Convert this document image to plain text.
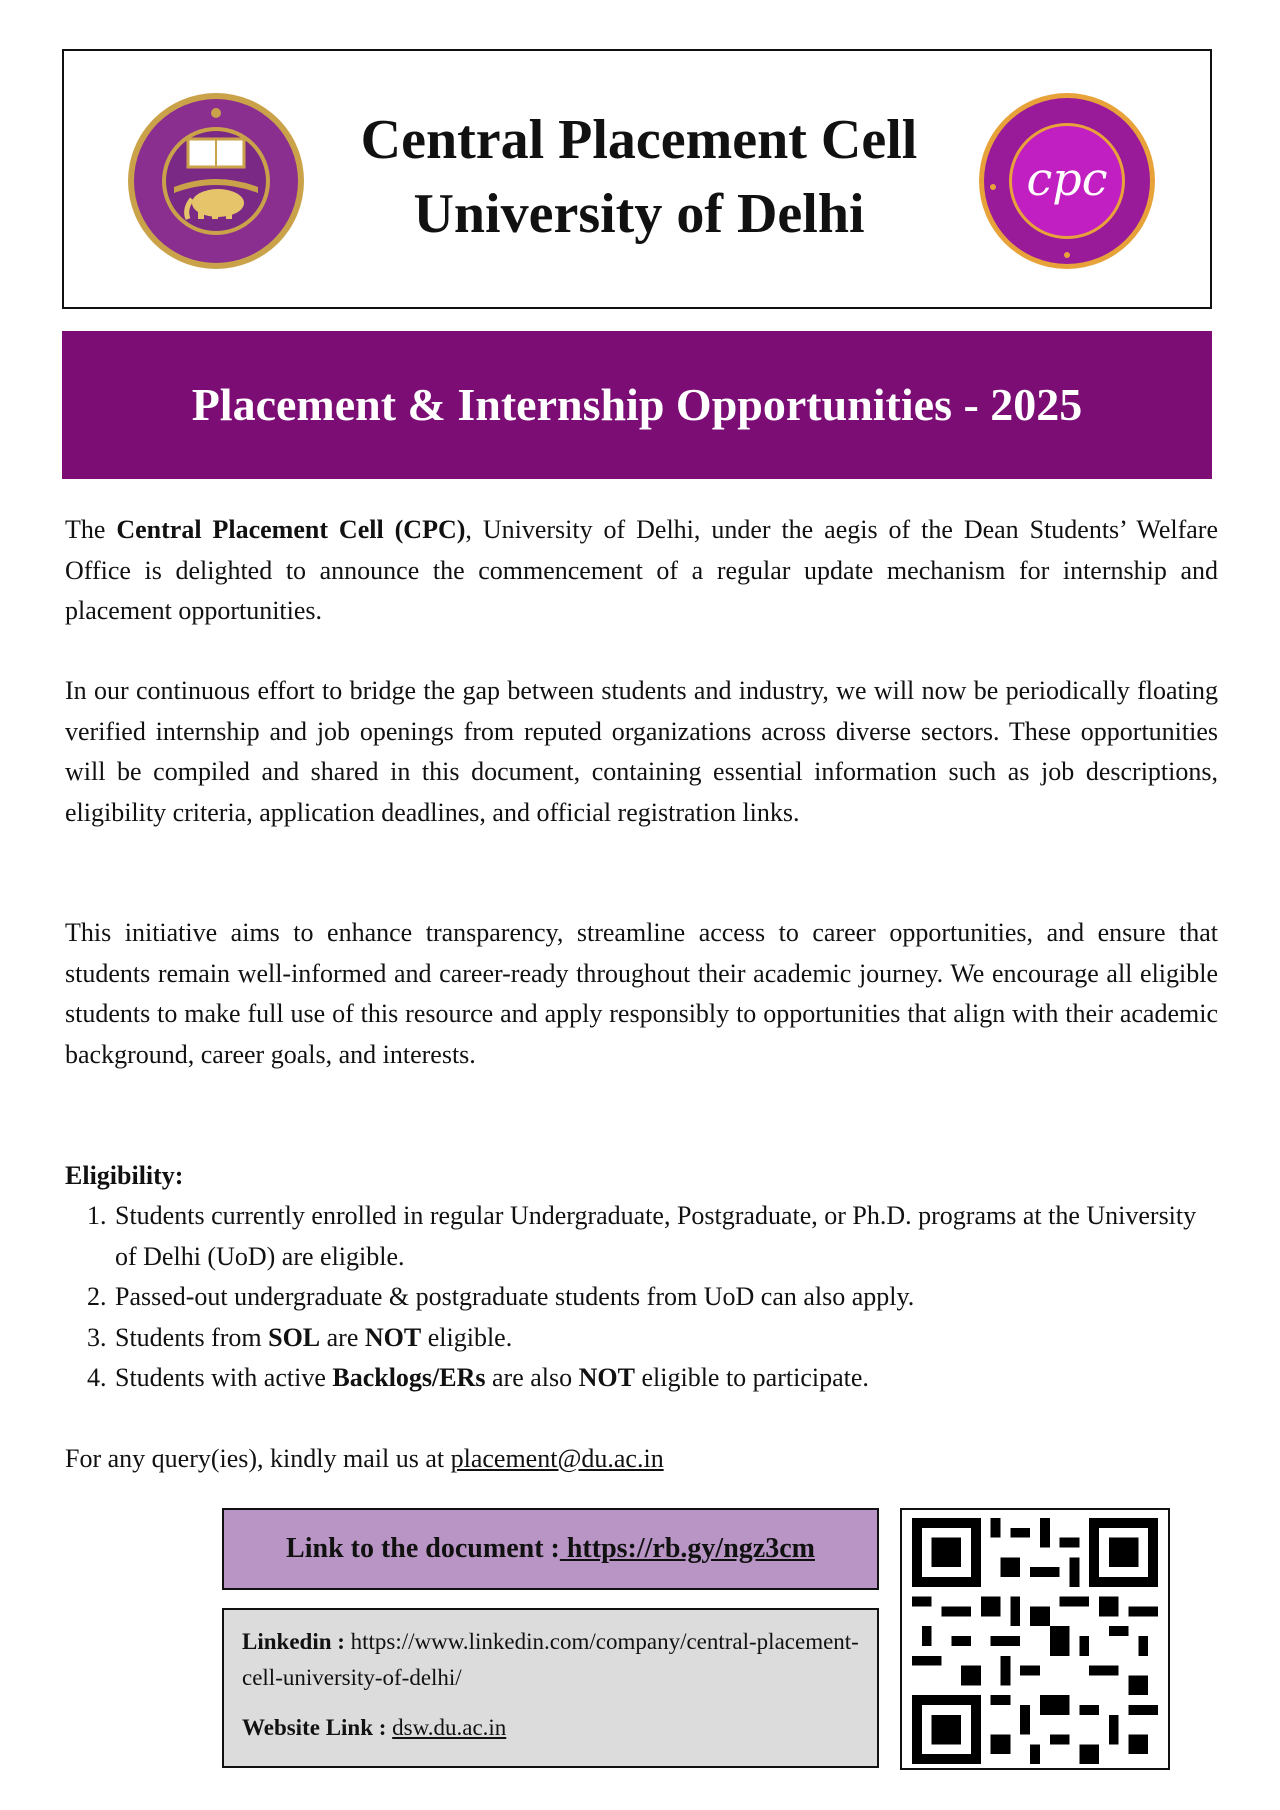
Central Placement Cell
University of Delhi
cpc
Placement & Internship Opportunities - 2025

The Central Placement Cell (CPC), University of Delhi, under the aegis of the Dean Students’ Welfare Office is delighted to announce the commencement of a regular update mechanism for internship and placement opportunities.

In our continuous effort to bridge the gap between students and industry, we will now be periodically floating verified internship and job openings from reputed organizations across diverse sectors. These opportunities will be compiled and shared in this document, containing essential information such as job descriptions, eligibility criteria, application deadlines, and official registration links.

This initiative aims to enhance transparency, streamline access to career opportunities, and ensure that students remain well-informed and career-ready throughout their academic journey. We encourage all eligible students to make full use of this resource and apply responsibly to opportunities that align with their academic background, career goals, and interests.

Eligibility:
1. Students currently enrolled in regular Undergraduate, Postgraduate, or Ph.D. programs at the University of Delhi (UoD) are eligible.
2. Passed-out undergraduate & postgraduate students from UoD can also apply.
3. Students from SOL are NOT eligible.
4. Students with active Backlogs/ERs are also NOT eligible to participate.
For any query(ies), kindly mail us at placement@du.ac.in
Link to the document : https://rb.gy/ngz3cm
Linkedin : https://www.linkedin.com/company/central-placement-cell-university-of-delhi/
Website Link : dsw.du.ac.in
